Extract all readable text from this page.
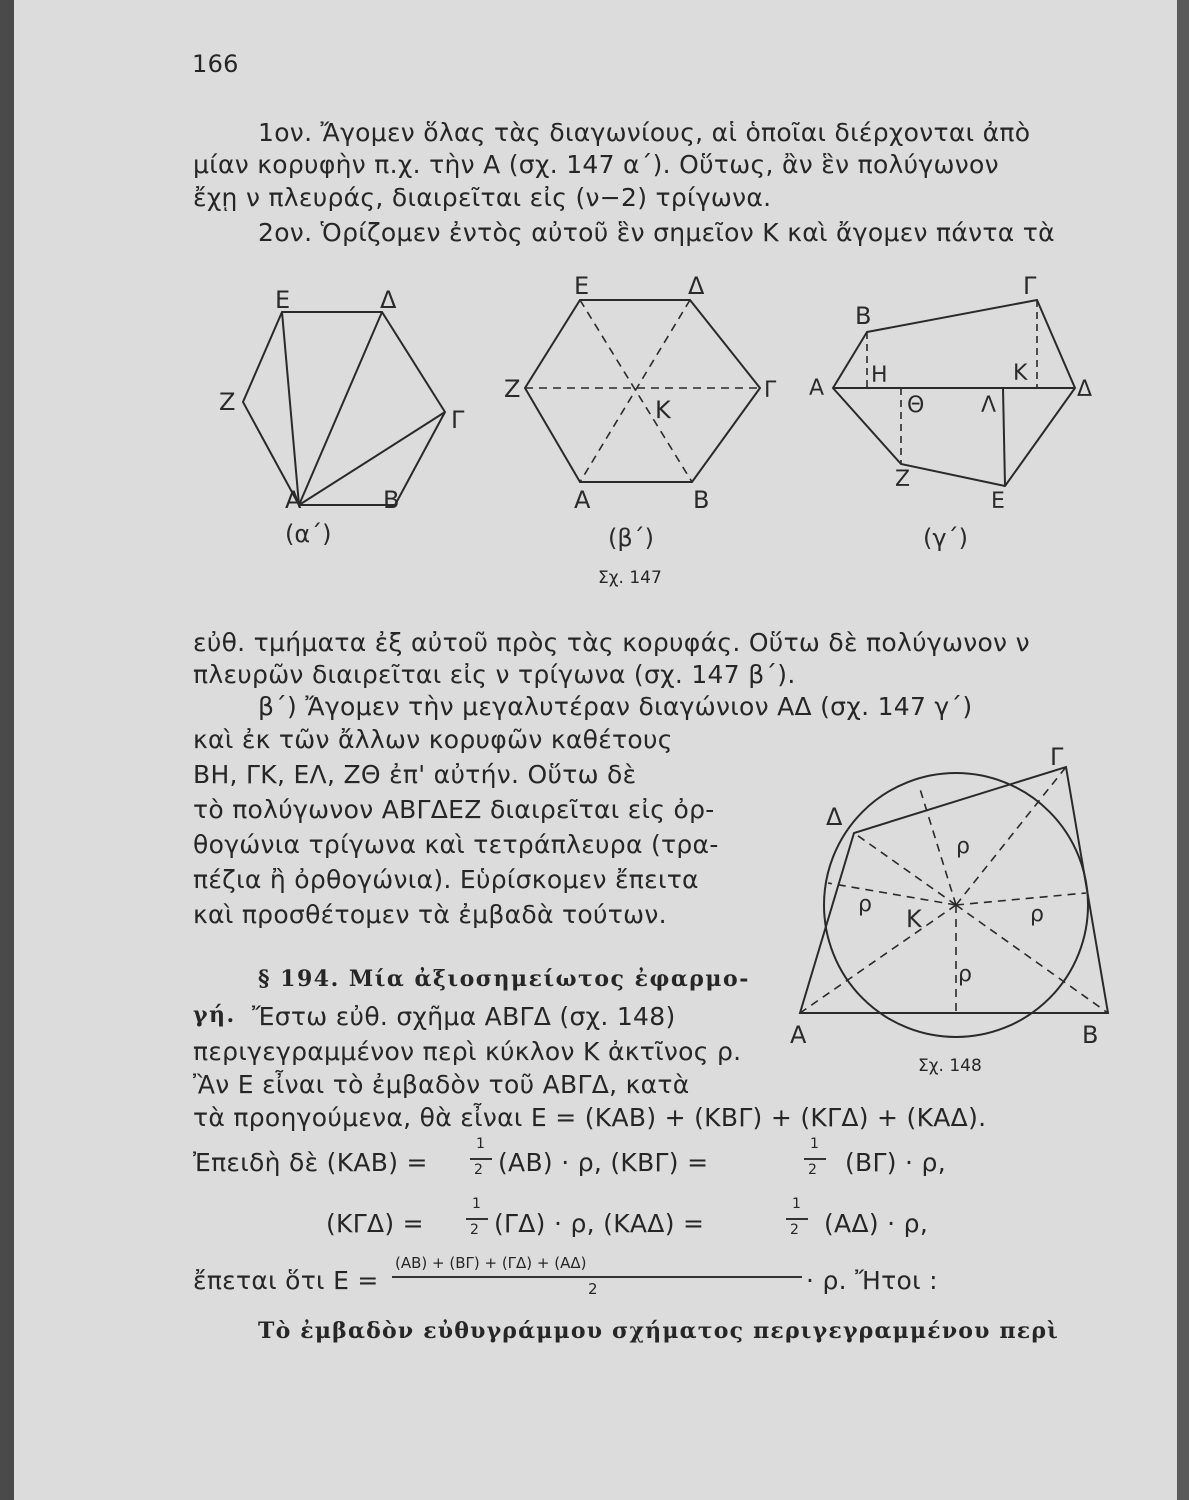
166
1ον. Ἄγομεν ὅλας τὰς διαγωνίους, αἱ ὁποῖαι διέρχονται ἀπὸ
μίαν κορυφὴν π.χ. τὴν Α (σχ. 147 α΄). Οὕτως, ἂν ἓν πολύγωνον
ἔχῃ ν πλευράς, διαιρεῖται εἰς (ν−2) τρίγωνα.
2ον. Ὁρίζομεν ἐντὸς αὐτοῦ ἓν σημεῖον Κ καὶ ἄγομεν πάντα τὰ
Ε	Δ
Ζ
Γ
Α	Β
(α΄)
Ε	Δ
Ζ	Γ
Κ
Α	Β
(β΄)
Γ
Β
Α
Η	Κ
Δ
Θ	Λ
Ζ
Ε
(γ΄)
Σχ. 147
εὐθ. τμήματα ἐξ αὐτοῦ πρὸς τὰς κορυφάς. Οὕτω δὲ πολύγωνον ν
πλευρῶν διαιρεῖται εἰς ν τρίγωνα (σχ. 147 β΄).
β΄) Ἄγομεν τὴν μεγαλυτέραν διαγώνιον ΑΔ (σχ. 147 γ΄)
καὶ ἐκ τῶν ἄλλων κορυφῶν καθέτους
ΒΗ, ΓΚ, ΕΛ, ΖΘ ἐπ' αὐτήν. Οὕτω δὲ
τὸ πολύγωνον ΑΒΓΔΕΖ διαιρεῖται εἰς ὀρ-
θογώνια τρίγωνα καὶ τετράπλευρα (τρα-
πέζια ἢ ὀρθογώνια). Εὑρίσκομεν ἔπειτα
καὶ προσθέτομεν τὰ ἐμβαδὰ τούτων.
§ 194. Μία ἀξιοσημείωτος ἐφαρμο-
γή. Ἔστω εὐθ. σχῆμα ΑΒΓΔ (σχ. 148)
περιγεγραμμένον περὶ κύκλον Κ ἀκτῖνος ρ.
Ἂν Ε εἶναι τὸ ἐμβαδὸν τοῦ ΑΒΓΔ, κατὰ
τὰ προηγούμενα, θὰ εἶναι Ε = (ΚΑΒ) + (ΚΒΓ) + (ΚΓΔ) + (ΚΑΔ).
Γ
Δ
Α	Β
Κ
ρ
ρ	ρ
ρ
Σχ. 148
Ἐπειδὴ δὲ (ΚΑΒ) =
1
2 (ΑΒ) · ρ, (ΚΒΓ) =
1
2 (ΒΓ) · ρ,
(ΚΓΔ) =
1
2 (ΓΔ) · ρ, (ΚΑΔ) =
1
2 (ΑΔ) · ρ,
ἔπεται ὅτι Ε =
(ΑΒ) + (ΒΓ) + (ΓΔ) + (ΑΔ)
2	· ρ. Ἤτοι :
Τὸ ἐμβαδὸν εὐθυγράμμου σχήματος περιγεγραμμένου περὶ
